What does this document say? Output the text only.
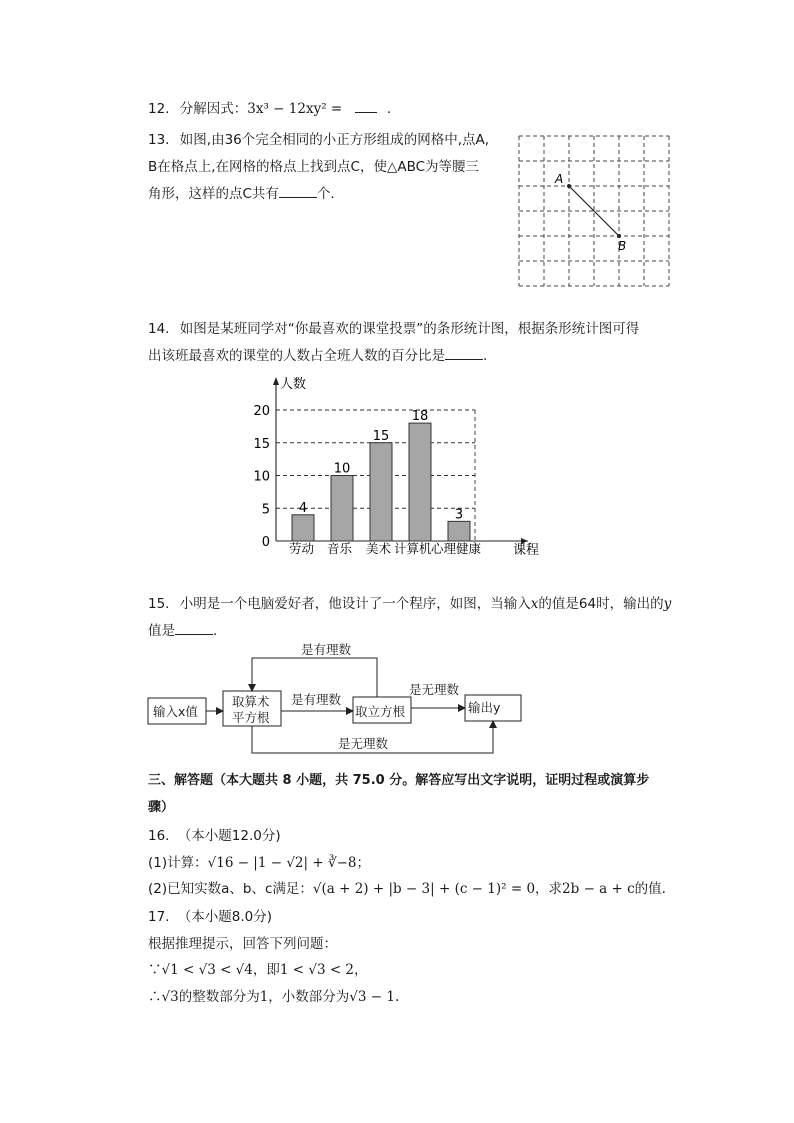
12. 分解因式：3x³ − 12xy² =	.
13. 如图,由36个完全相同的小正方形组成的网格中,点A,
B在格点上,在网格的格点上找到点C，使△ABC为等腰三
角形，这样的点C共有	个.
A
B
14. 如图是某班同学对“你最喜欢的课堂投票”的条形统计图，根据条形统计图可得
出该班最喜欢的课堂的人数占全班人数的百分比是	.
0
5
10
15
20
人数
课程
4
10
15
18
3
劳动 音乐 美术 计算机 心理健康
15. 小明是一个电脑爱好者，他设计了一个程序，如图，当输入x的值是64时，输出的y
值是	.
输入x值
取算术
平方根	取立方根	输出y
是有理数
是有理数
是无理数
是无理数
三、解答题（本大题共 8 小题，共 75.0 分。解答应写出文字说明，证明过程或演算步
骤）
16. （本小题12.0分)
(1)计算：√16 − |1 − √2| + ∛−8；
(2)已知实数a、b、c满足：√(a + 2) + |b − 3| + (c − 1)² = 0，求2b − a + c的值.
17. （本小题8.0分)
根据推理提示，回答下列问题：
∵√1 < √3 < √4，即1 < √3 < 2，
∴√3的整数部分为1，小数部分为√3 − 1.
